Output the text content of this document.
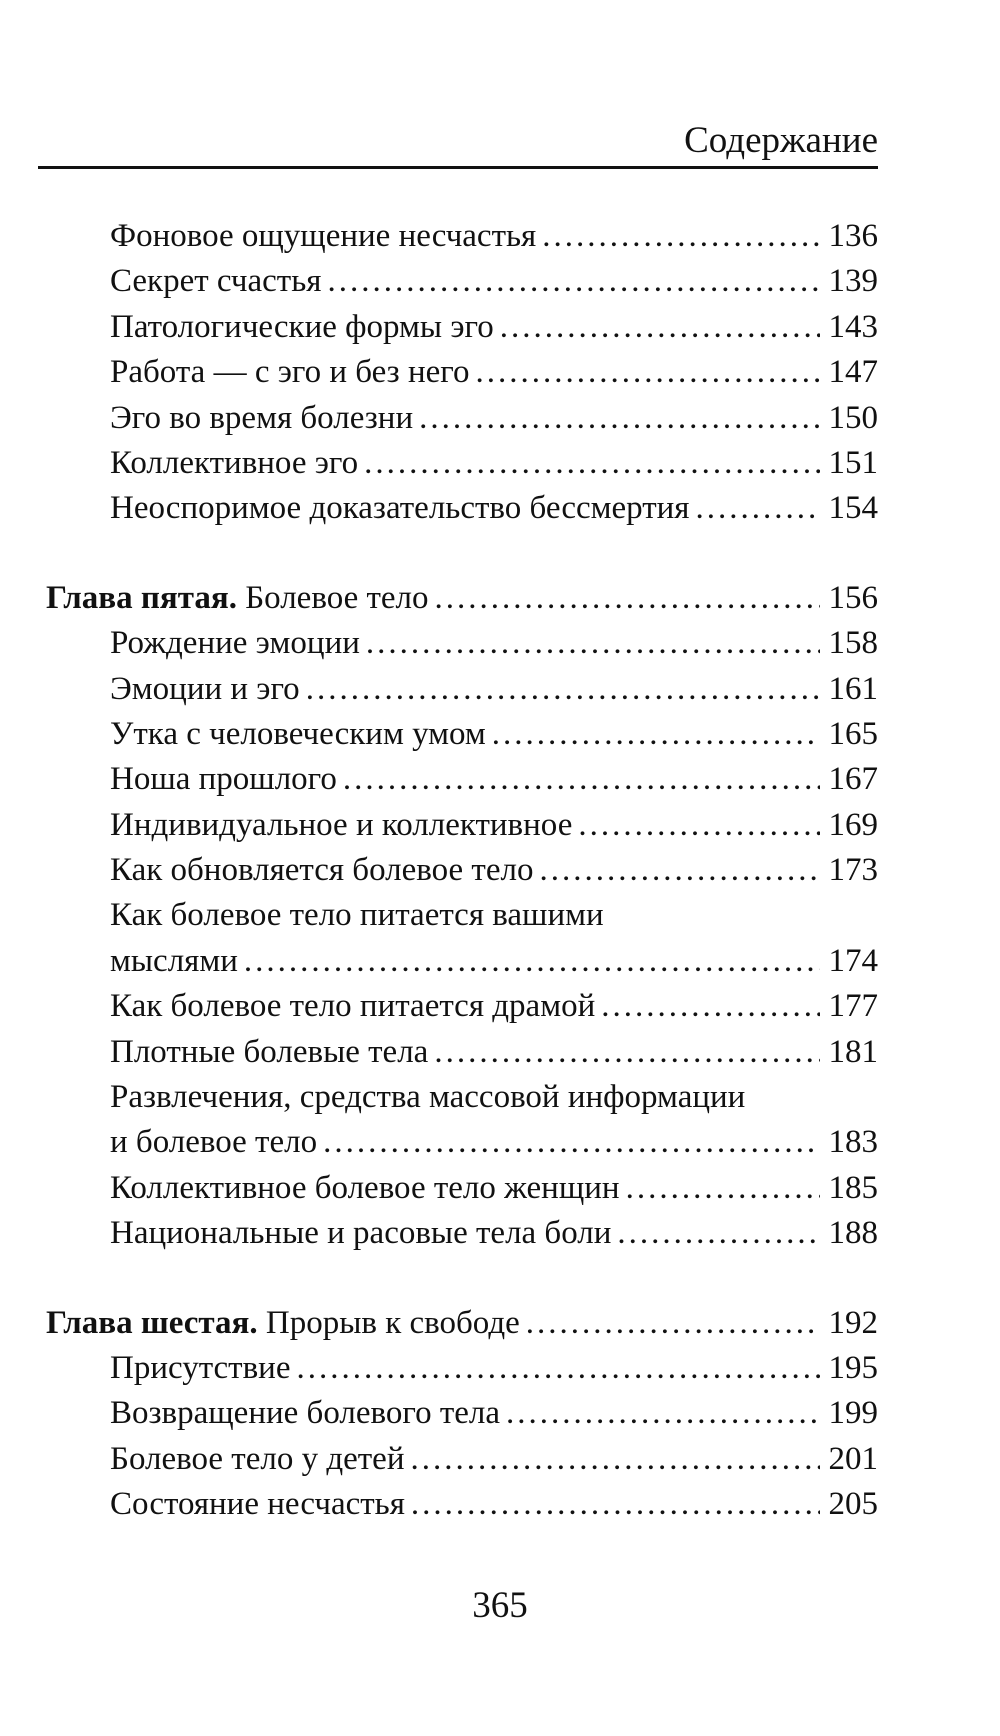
Содержание
Фоновое ощущение несчастья .....	136
Секрет счастья .....	139
Патологические формы эго .....	143
Работа — с эго и без него .....	147
Эго во время болезни .....	150
Коллективное эго .....	151
Неоспоримое доказательство бессмертия .....	154
Глава пятая. Болевое тело .....	156
Рождение эмоции .....	158
Эмоции и эго .....	161
Утка с человеческим умом .....	165
Ноша прошлого .....	167
Индивидуальное и коллективное .....	169
Как обновляется болевое тело .....	173
Как болевое тело питается вашими
мыслями .....	174
Как болевое тело питается драмой .....	177
Плотные болевые тела .....	181
Развлечения, средства массовой информации
и болевое тело .....	183
Коллективное болевое тело женщин .....	185
Национальные и расовые тела боли .....	188
Глава шестая. Прорыв к свободе .....	192
Присутствие .....	195
Возвращение болевого тела .....	199
Болевое тело у детей .....	201
Состояние несчастья .....	205
365
